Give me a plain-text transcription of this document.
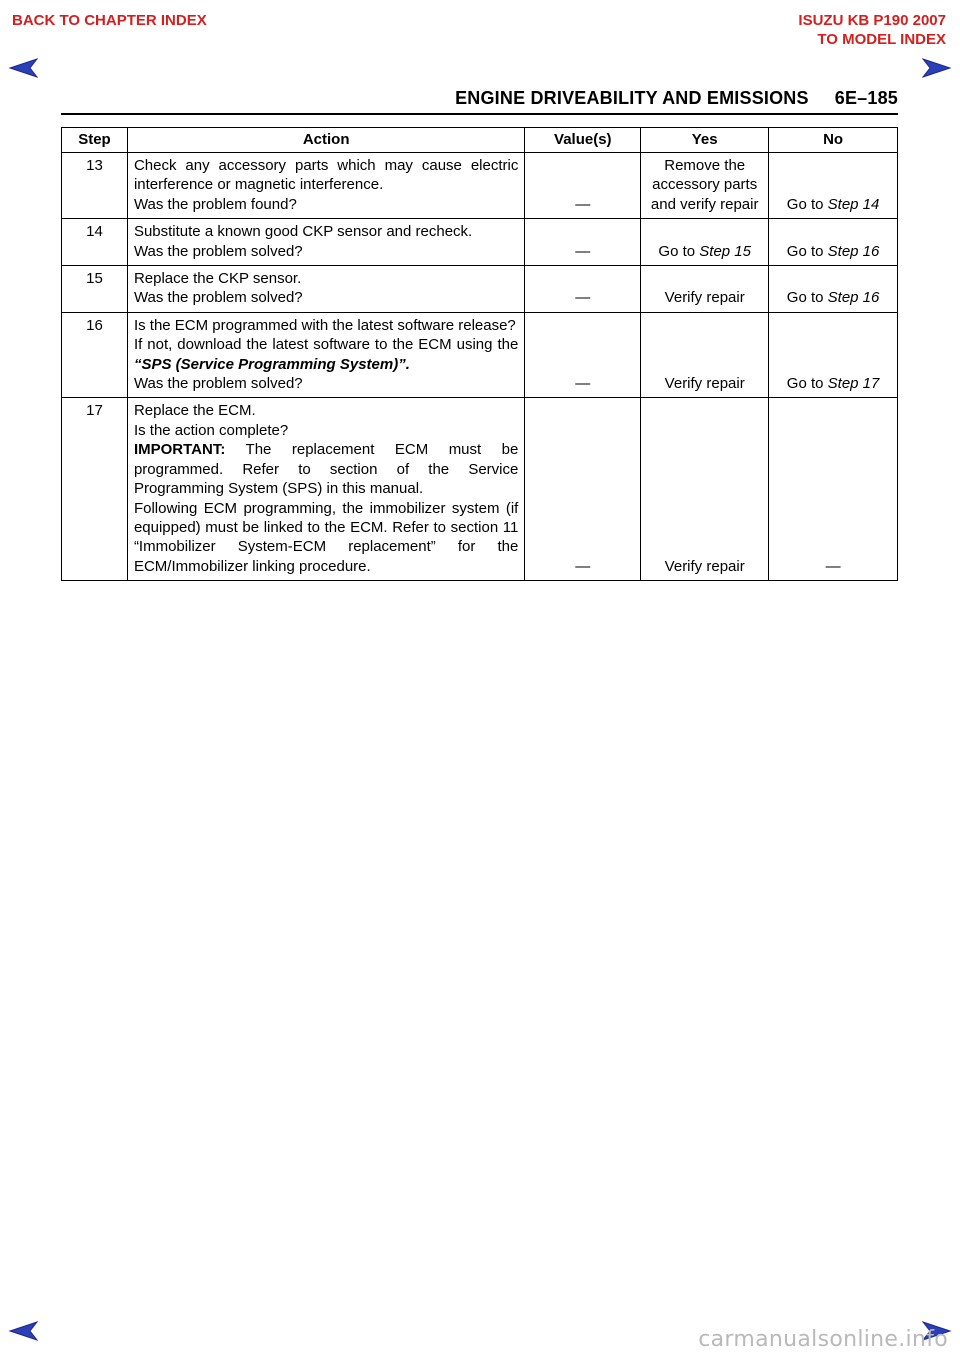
BACK TO CHAPTER INDEX	ISUZU KB P190 2007
TO MODEL INDEX
ENGINE DRIVEABILITY AND EMISSIONS 6E–185
Step	Action	Value(s)	Yes	No
13	Check any accessory parts which may cause electric interference or magnetic interference.
Was the problem found?	—	Remove the
accessory parts
and verify repair	Go to Step 14
14	Substitute a known good CKP sensor and recheck.
Was the problem solved?	—	Go to Step 15	Go to Step 16
15	Replace the CKP sensor.
Was the problem solved?	—	Verify repair	Go to Step 16
16	Is the ECM programmed with the latest software release?
If not, download the latest software to the ECM using the “SPS (Service Programming System)”.
Was the problem solved?	—	Verify repair	Go to Step 17
17	Replace the ECM.
Is the action complete?
IMPORTANT: The replacement ECM must be programmed. Refer to section of the Service Programming System (SPS) in this manual.
Following ECM programming, the immobilizer system (if equipped) must be linked to the ECM. Refer to section 11 “Immobilizer System-ECM replacement” for the ECM/Immobilizer linking procedure.	—	Verify repair	—
carmanualsonline.info
